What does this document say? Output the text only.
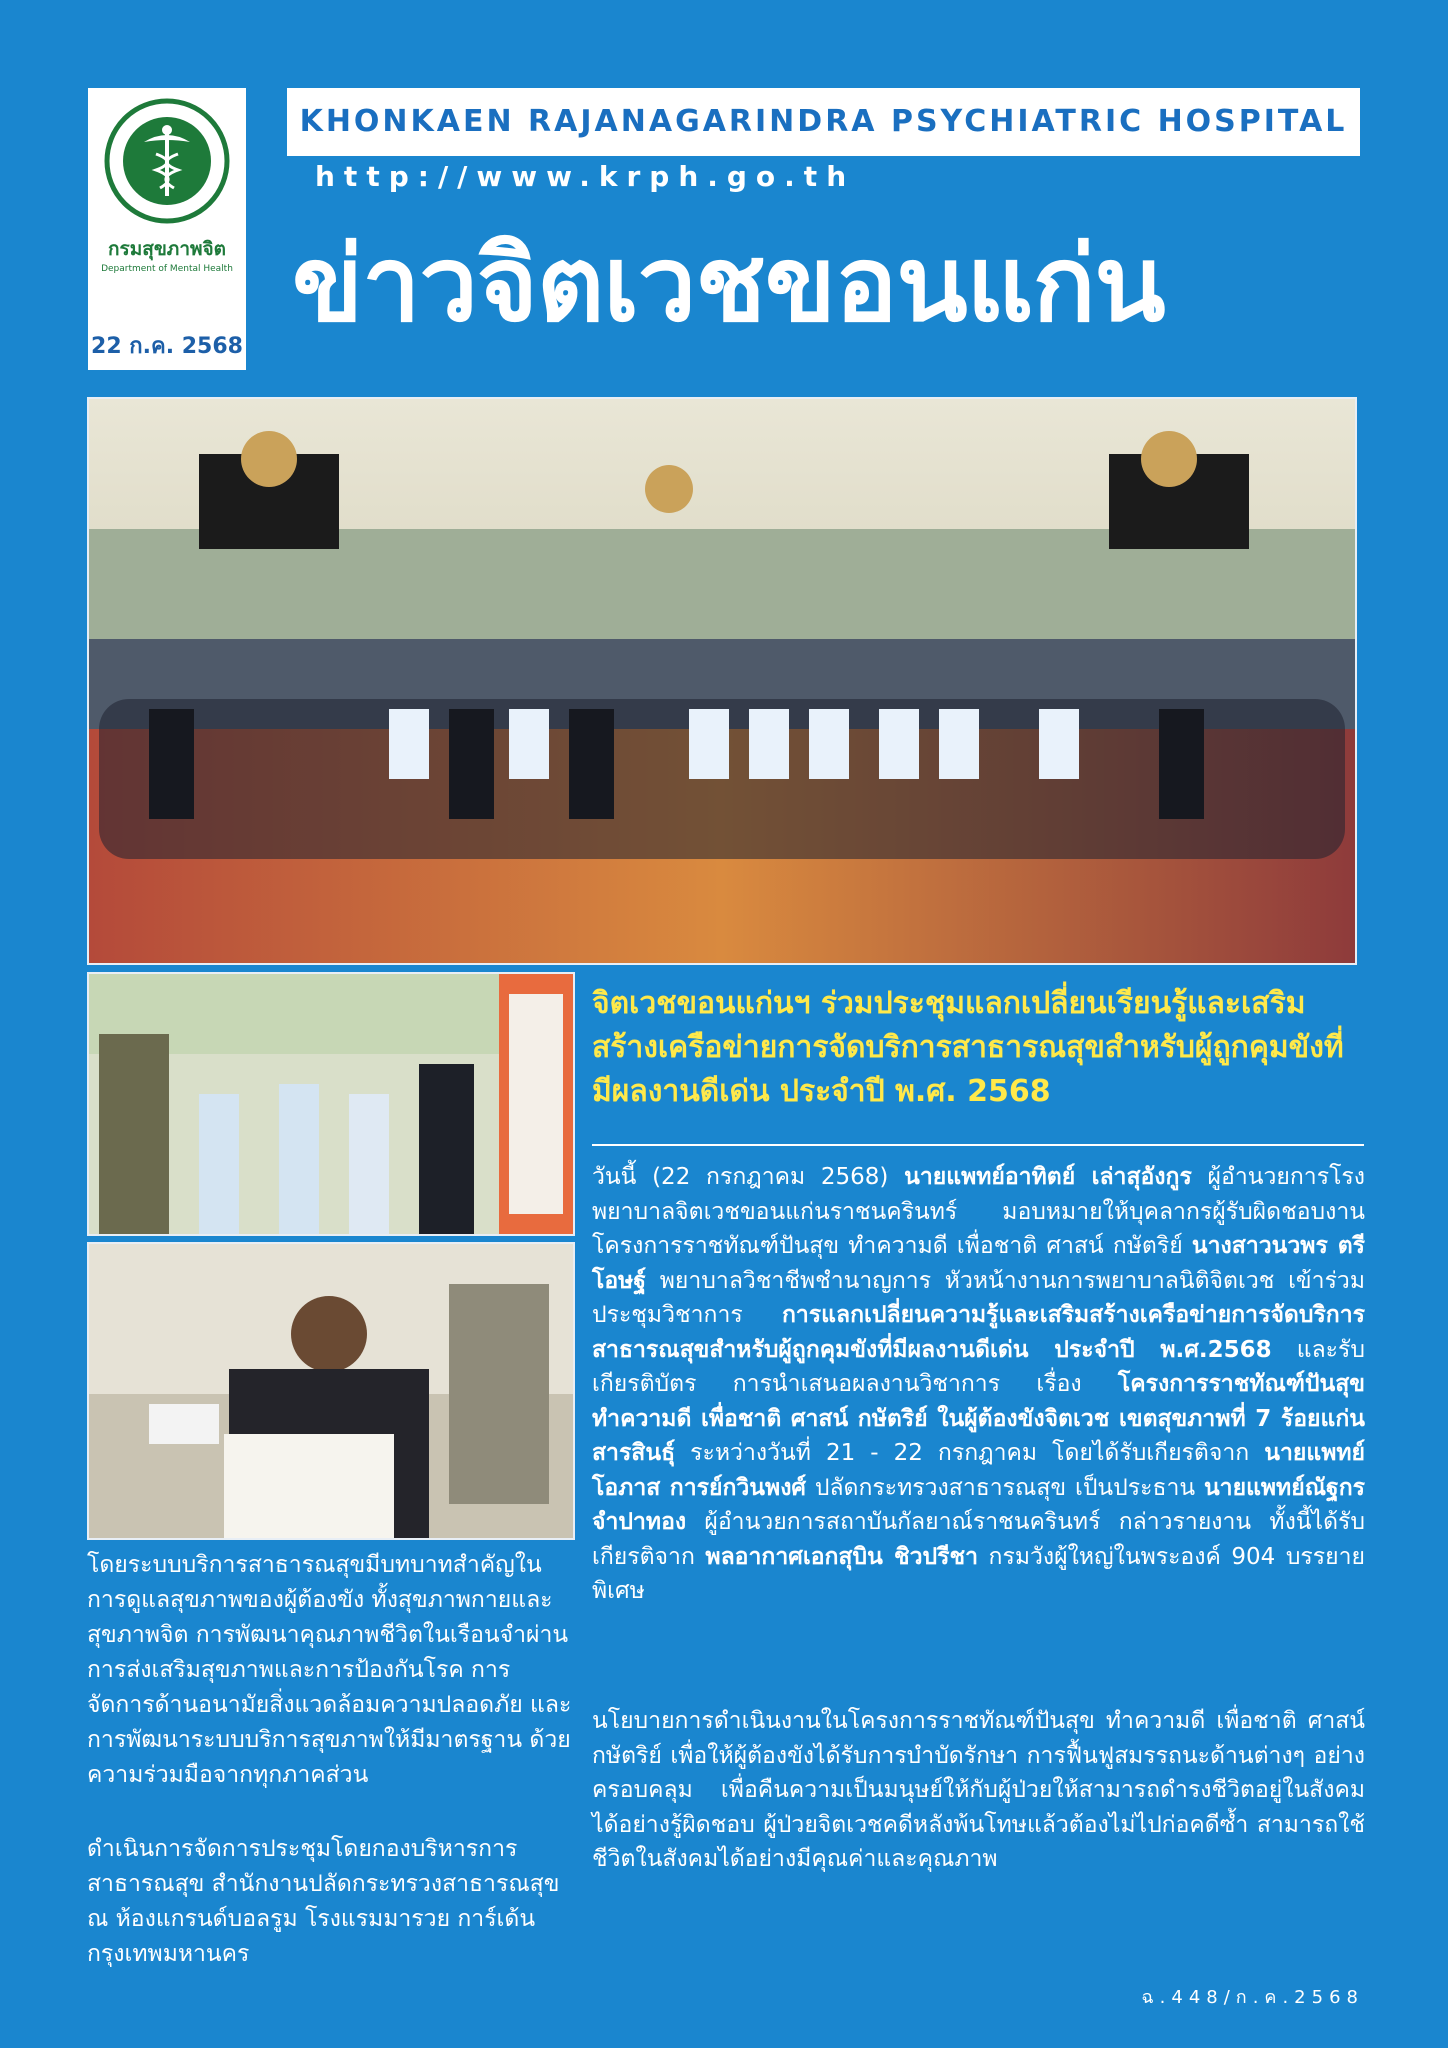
กรมสุขภาพจิต
Department of Mental Health
22 ก.ค. 2568
KHONKAEN RAJANAGARINDRA PSYCHIATRIC HOSPITAL
http://www.krph.go.th
ข่าวจิตเวชขอนแก่น
จิตเวชขอนแก่นฯ ร่วมประชุมแลกเปลี่ยนเรียนรู้และเสริมสร้างเครือข่ายการจัดบริการสาธารณสุขสำหรับผู้ถูกคุมขังที่มีผลงานดีเด่น ประจำปี พ.ศ. 2568

วันนี้ (22 กรกฎาคม 2568) นายแพทย์อาทิตย์ เล่าสุอังกูร ผู้อำนวยการโรงพยาบาลจิตเวชขอนแก่นราชนครินทร์ มอบหมายให้บุคลากรผู้รับผิดชอบงานโครงการราชทัณฑ์ปันสุข ทำความดี เพื่อชาติ ศาสน์ กษัตริย์ นางสาวนวพร ตรีโอษฐ์ พยาบาลวิชาชีพชำนาญการ หัวหน้างานการพยาบาลนิติจิตเวช เข้าร่วมประชุมวิชาการ การแลกเปลี่ยนความรู้และเสริมสร้างเครือข่ายการจัดบริการสาธารณสุขสำหรับผู้ถูกคุมขังที่มีผลงานดีเด่น ประจำปี พ.ศ.2568 และรับเกียรติบัตร การนำเสนอผลงานวิชาการ เรื่อง โครงการราชทัณฑ์ปันสุข ทำความดี เพื่อชาติ ศาสน์ กษัตริย์ ในผู้ต้องขังจิตเวช เขตสุขภาพที่ 7 ร้อยแก่นสารสินธุ์ ระหว่างวันที่ 21 - 22 กรกฎาคม โดยได้รับเกียรติจาก นายแพทย์โอภาส การย์กวินพงศ์ ปลัดกระทรวงสาธารณสุข เป็นประธาน นายแพทย์ณัฐกร จำปาทอง ผู้อำนวยการสถาบันกัลยาณ์ราชนครินทร์ กล่าวรายงาน ทั้งนี้ได้รับเกียรติจาก พลอากาศเอกสุบิน ชิวปรีชา กรมวังผู้ใหญ่ในพระองค์ 904 บรรยายพิเศษ

นโยบายการดำเนินงานในโครงการราชทัณฑ์ปันสุข ทำความดี เพื่อชาติ ศาสน์ กษัตริย์ เพื่อให้ผู้ต้องขังได้รับการบำบัดรักษา การฟื้นฟูสมรรถนะด้านต่างๆ อย่างครอบคลุม เพื่อคืนความเป็นมนุษย์ให้กับผู้ป่วยให้สามารถดำรงชีวิตอยู่ในสังคมได้อย่างรู้ผิดชอบ ผู้ป่วยจิตเวชคดีหลังพ้นโทษแล้วต้องไม่ไปก่อคดีซ้ำ สามารถใช้ชีวิตในสังคมได้อย่างมีคุณค่าและคุณภาพ
โดยระบบบริการสาธารณสุขมีบทบาทสำคัญในการดูแลสุขภาพของผู้ต้องขัง ทั้งสุขภาพกายและสุขภาพจิต การพัฒนาคุณภาพชีวิตในเรือนจำผ่านการส่งเสริมสุขภาพและการป้องกันโรค การจัดการด้านอนามัยสิ่งแวดล้อมความปลอดภัย และการพัฒนาระบบบริการสุขภาพให้มีมาตรฐาน ด้วยความร่วมมือจากทุกภาคส่วน
ดำเนินการจัดการประชุมโดยกองบริหารการสาธารณสุข สำนักงานปลัดกระทรวงสาธารณสุข ณ ห้องแกรนด์บอลรูม โรงแรมมารวย การ์เด้น กรุงเทพมหานคร
ฉ.448/ก.ค.2568
